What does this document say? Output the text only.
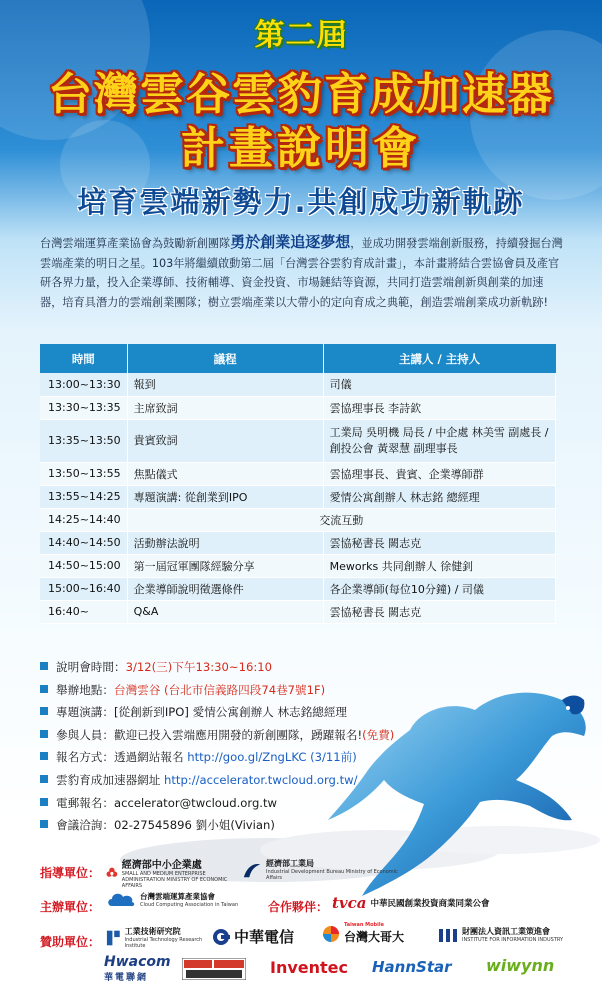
第二屆
台灣雲谷雲豹育成加速器
計畫說明會
培育雲端新勢力.共創成功新軌跡

台灣雲端運算產業協會為鼓勵新創團隊勇於創業追逐夢想，並成功開發雲端創新服務，持續發掘台灣雲端產業的明日之星。103年將繼續啟動第二屆「台灣雲谷雲豹育成計畫」，本計畫將結合雲協會員及產官研各界力量，投入企業導師、技術輔導、資金投資、市場鏈結等資源，共同打造雲端創新與創業的加速器，培育具潛力的雲端創業團隊；樹立雲端產業以大帶小的定向育成之典範，創造雲端創業成功新軌跡!

時間	議程	主講人 / 主持人
13:00~13:30	報到	司儀
13:30~13:35	主席致詞	雲協理事長 李詩欽
13:35~13:50	貴賓致詞	工業局 吳明機 局長 / 中企處 林美雪 副處長 / 創投公會 黃翠慧 副理事長
13:50~13:55	焦點儀式	雲協理事長、貴賓、企業導師群
13:55~14:25	專題演講: 從創業到IPO	愛情公寓創辦人 林志銘 總經理
14:25~14:40	交流互動	
14:40~14:50	活動辦法說明	雲協秘書長 闕志克
14:50~15:00	第一屆冠軍團隊經驗分享	Meworks 共同創辦人 徐健釗
15:00~16:40	企業導師說明徵選條件	各企業導師(每位10分鐘) / 司儀
16:40~	Q&A	雲協秘書長 闕志克
說明會時間：3/12(三)下午13:30~16:10
舉辦地點：台灣雲谷 (台北市信義路四段74巷7號1F)
專題演講：[從創新到IPO] 愛情公寓創辦人 林志銘總經理
參與人員：歡迎已投入雲端應用開發的新創團隊，踴躍報名!(免費)
報名方式：透過網站報名 http://goo.gl/ZngLKC (3/11前)
雲豹育成加速器網址 http://accelerator.twcloud.org.tw/
電郵報名：accelerator@twcloud.org.tw
會議洽詢：02-27545896 劉小姐(Vivian)
指導單位：
經濟部中小企業處
SMALL AND MEDIUM ENTERPRISE ADMINISTRATION MINISTRY OF ECONOMIC AFFAIRS
經濟部工業局
Industrial Development Bureau Ministry of Economic Affairs
主辦單位：
台灣雲端運算產業協會
Cloud Computing Association in Taiwan 合作夥伴： tvca 中華民國創業投資商業同業公會
贊助單位：
工業技術研究院
Industrial Technology Research Institute	中華電信
Taiwan Mobile
台灣大哥大	財團法人資訊工業策進會
INSTITUTE FOR INFORMATION INDUSTRY
Hwacom
華電聯網
Inventec HannStar wiwynn
